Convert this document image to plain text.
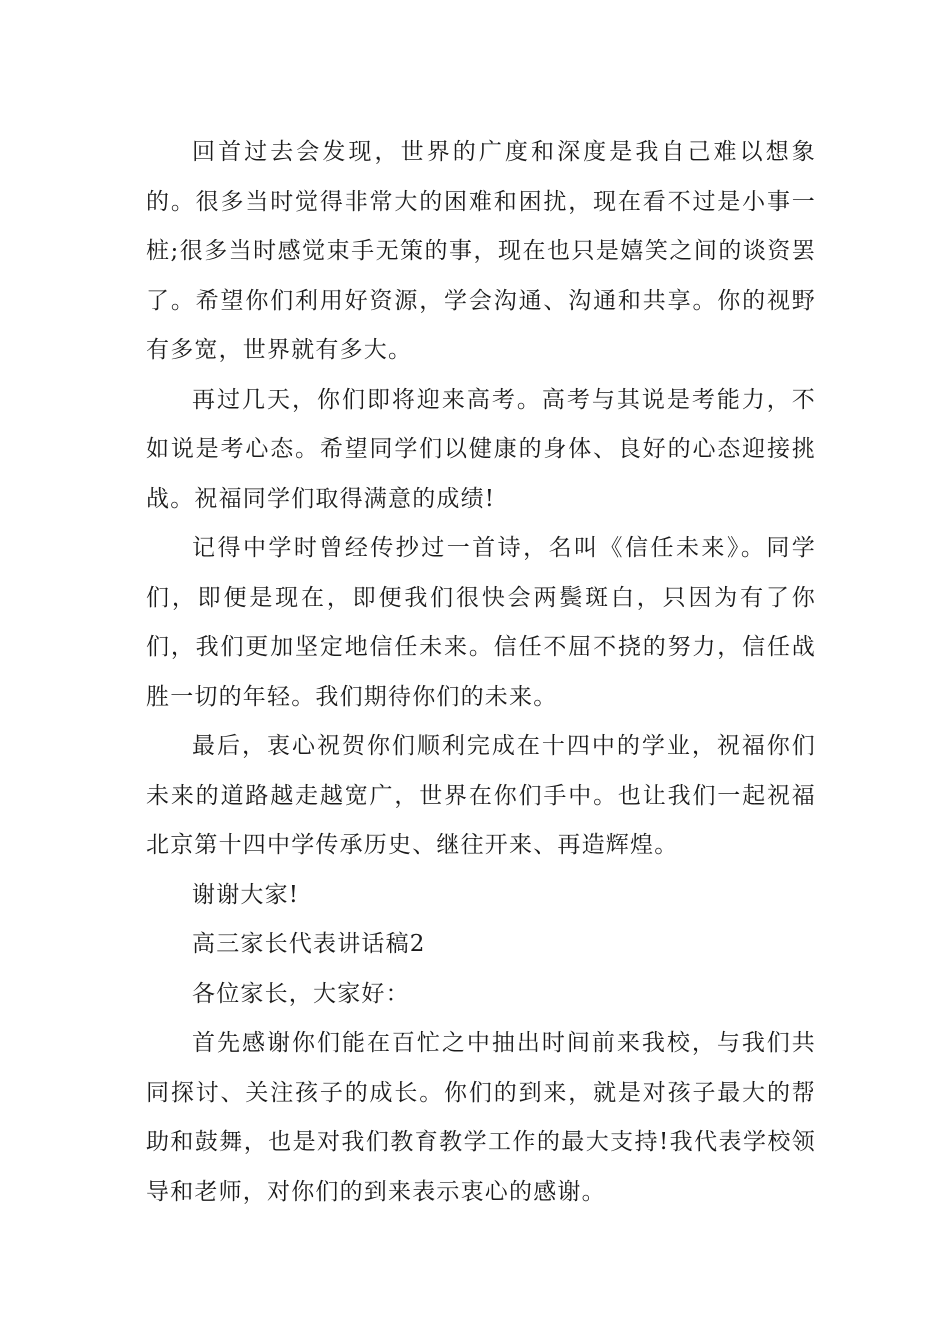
回首过去会发现，世界的广度和深度是我自己难以想象的。很多当时觉得非常大的困难和困扰，现在看不过是小事一桩;很多当时感觉束手无策的事，现在也只是嬉笑之间的谈资罢了。希望你们利用好资源，学会沟通、沟通和共享。你的视野有多宽，世界就有多大。

再过几天，你们即将迎来高考。高考与其说是考能力，不如说是考心态。希望同学们以健康的身体、良好的心态迎接挑战。祝福同学们取得满意的成绩!

记得中学时曾经传抄过一首诗，名叫《信任未来》。同学们，即便是现在，即便我们很快会两鬓斑白，只因为有了你们，我们更加坚定地信任未来。信任不屈不挠的努力，信任战胜一切的年轻。我们期待你们的未来。

最后，衷心祝贺你们顺利完成在十四中的学业，祝福你们未来的道路越走越宽广，世界在你们手中。也让我们一起祝福北京第十四中学传承历史、继往开来、再造辉煌。

谢谢大家!

高三家长代表讲话稿2

各位家长，大家好：

首先感谢你们能在百忙之中抽出时间前来我校，与我们共同探讨、关注孩子的成长。你们的到来，就是对孩子最大的帮助和鼓舞，也是对我们教育教学工作的最大支持!我代表学校领导和老师，对你们的到来表示衷心的感谢。
